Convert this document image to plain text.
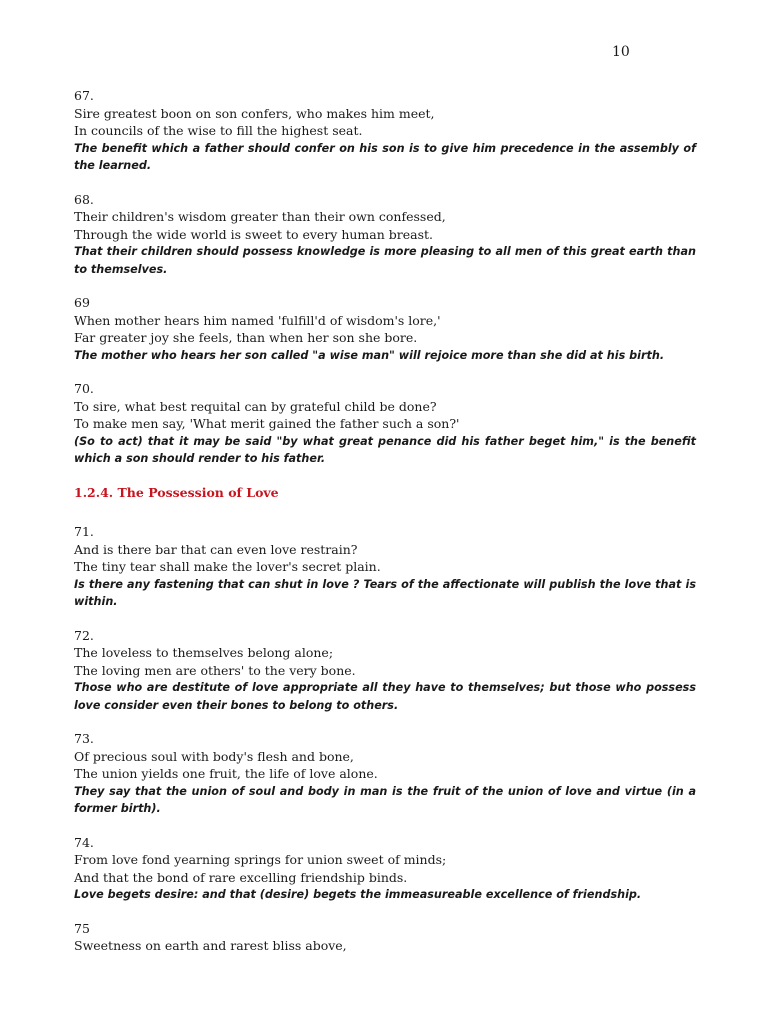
10
67.
Sire greatest boon on son confers, who makes him meet,
In councils of the wise to fill the highest seat.
The benefit which a father should confer on his son is to give him precedence in the assembly of the learned.
68.
Their children's wisdom greater than their own confessed,
Through the wide world is sweet to every human breast.
That their children should possess knowledge is more pleasing to all men of this great earth than to themselves.
69
When mother hears him named 'fulfill'd of wisdom's lore,'
Far greater joy she feels, than when her son she bore.
The mother who hears her son called "a wise man" will rejoice more than she did at his birth.
70.
To sire, what best requital can by grateful child be done?
To make men say, 'What merit gained the father such a son?'
(So to act) that it may be said "by what great penance did his father beget him," is the benefit which a son should render to his father.
1.2.4. The Possession of Love
71.
And is there bar that can even love restrain?
The tiny tear shall make the lover's secret plain.
Is there any fastening that can shut in love ? Tears of the affectionate will publish the love that is within.
72.
The loveless to themselves belong alone;
The loving men are others' to the very bone.
Those who are destitute of love appropriate all they have to themselves; but those who possess love consider even their bones to belong to others.
73.
Of precious soul with body's flesh and bone,
The union yields one fruit, the life of love alone.
They say that the union of soul and body in man is the fruit of the union of love and virtue (in a former birth).
74.
From love fond yearning springs for union sweet of minds;
And that the bond of rare excelling friendship binds.
Love begets desire: and that (desire) begets the immeasureable excellence of friendship.
75
Sweetness on earth and rarest bliss above,
